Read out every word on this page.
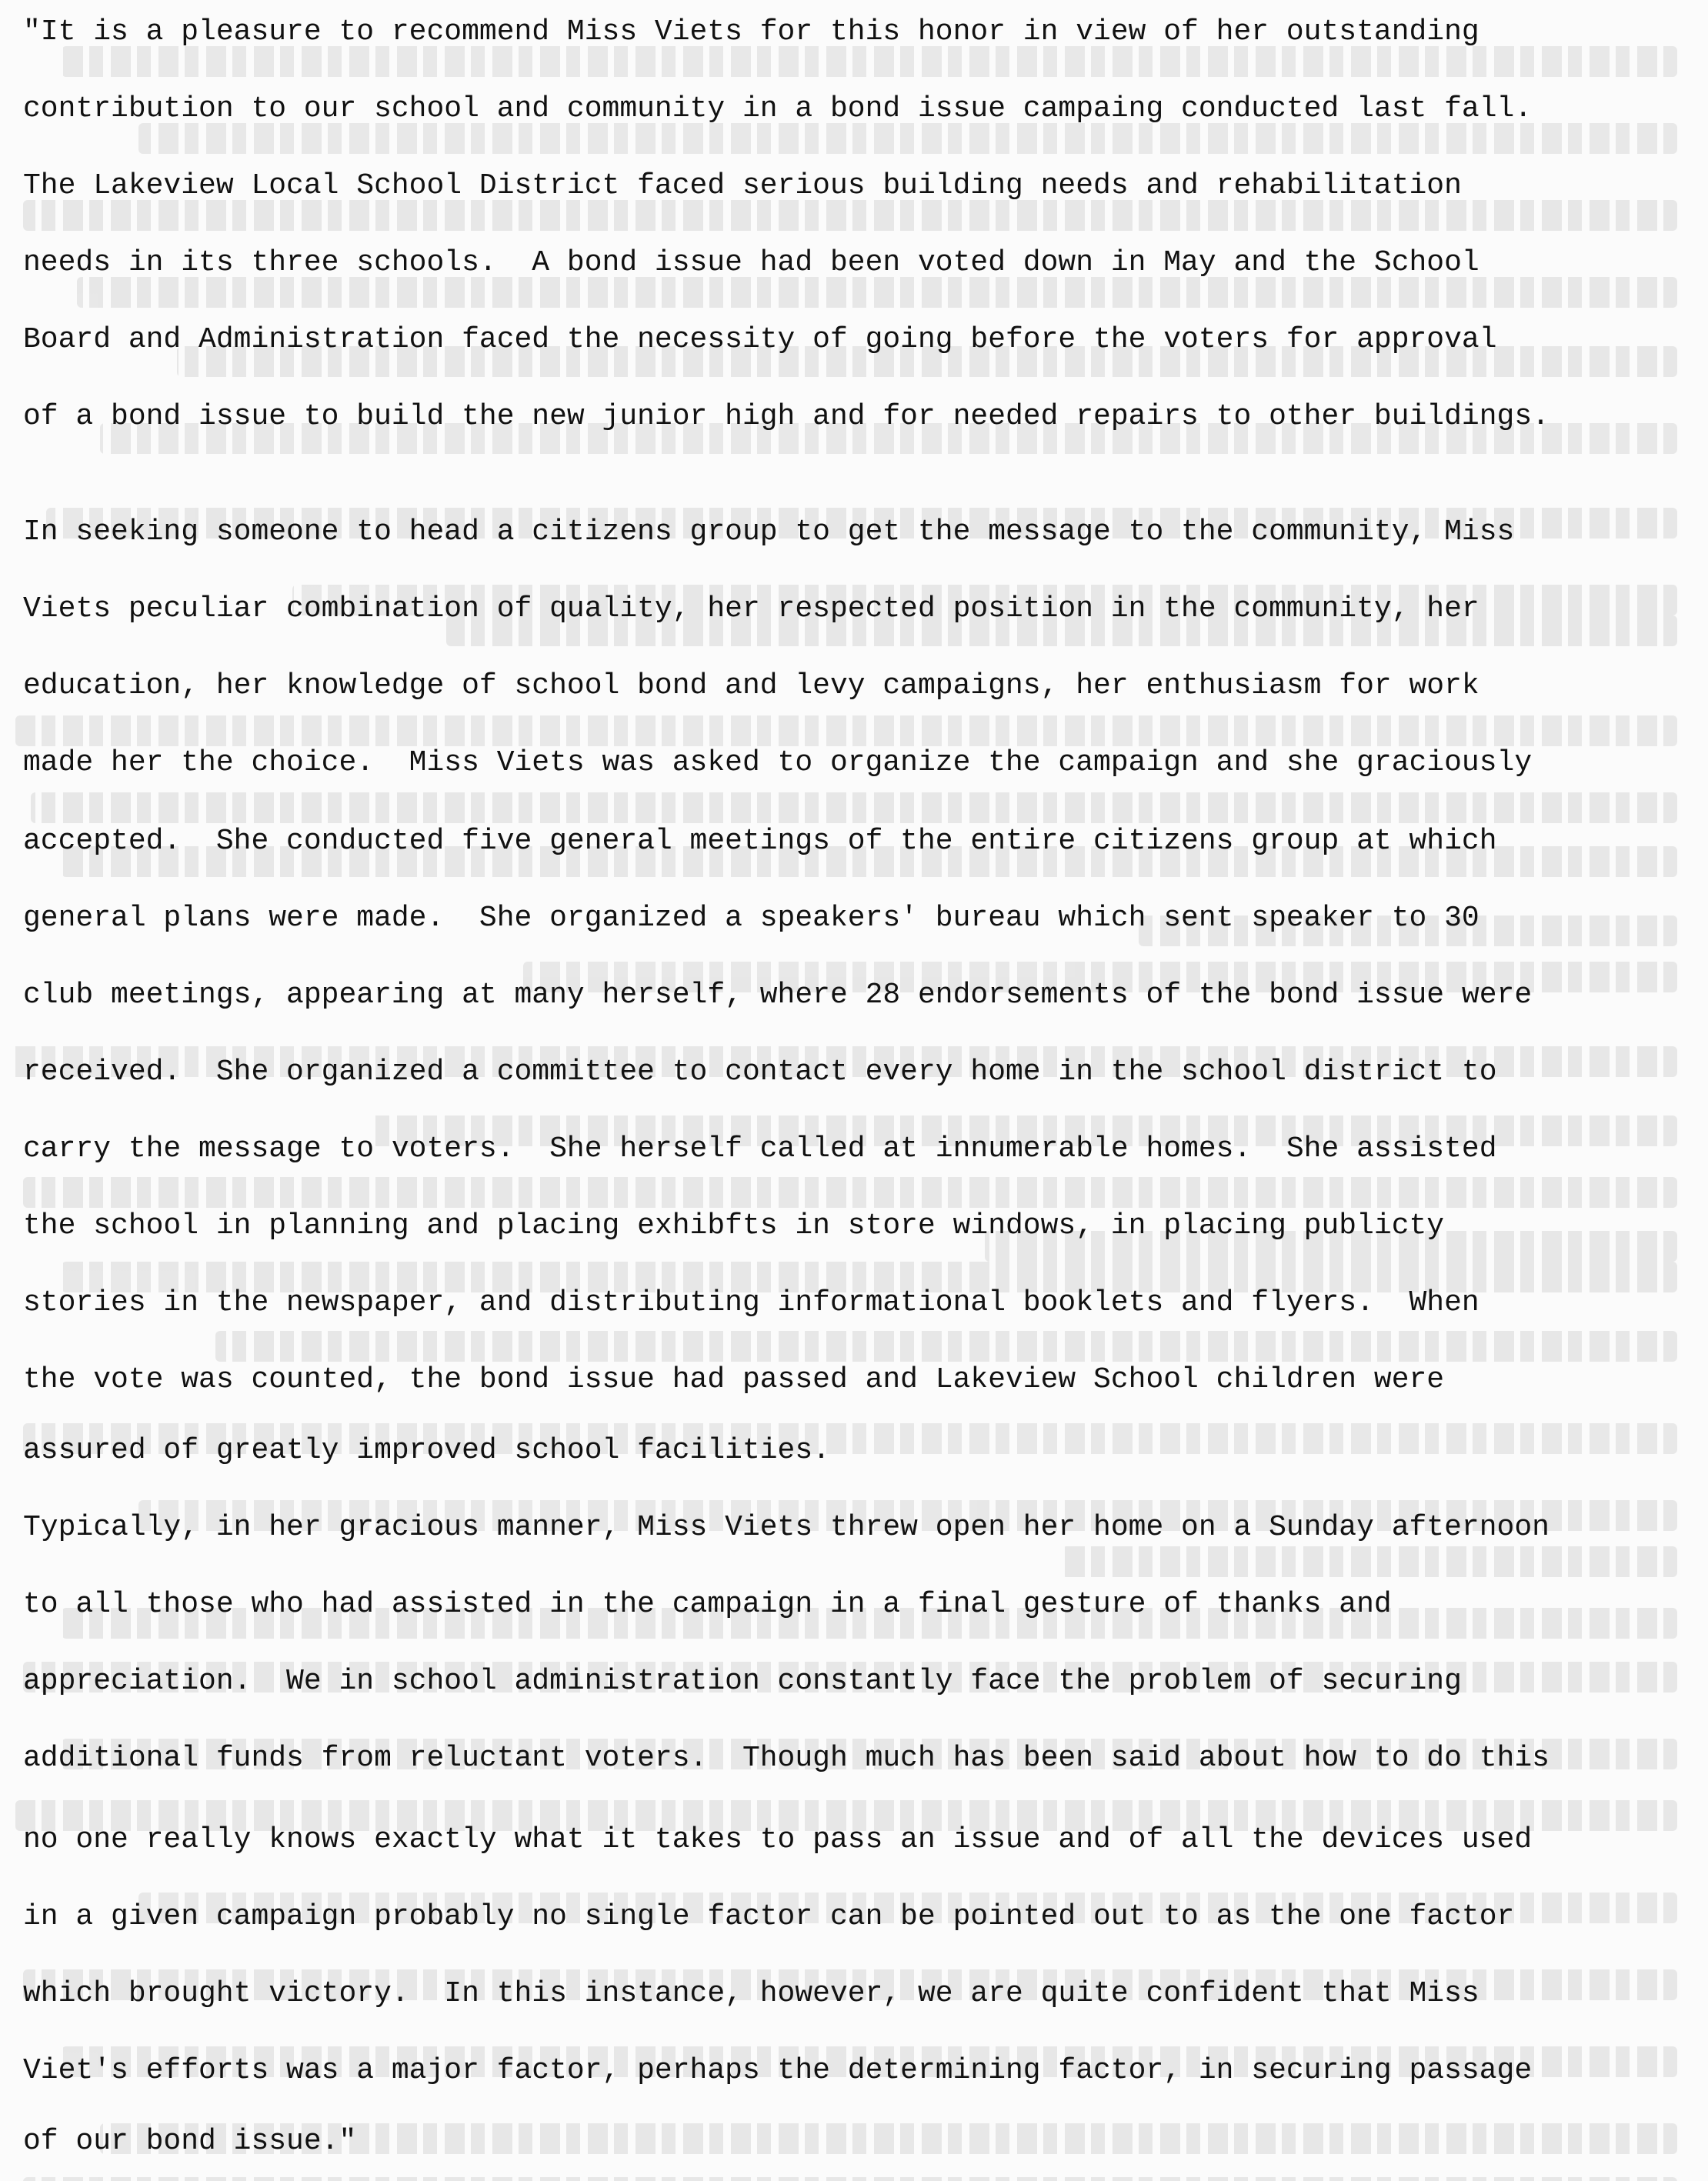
"It is a pleasure to recommend Miss Viets for this honor in view of her outstanding
contribution to our school and community in a bond issue campaing conducted last fall.
The Lakeview Local School District faced serious building needs and rehabilitation
needs in its three schools.  A bond issue had been voted down in May and the School
Board and Administration faced the necessity of going before the voters for approval
of a bond issue to build the new junior high and for needed repairs to other buildings.
In seeking someone to head a citizens group to get the message to the community, Miss
Viets peculiar combination of quality, her respected position in the community, her
education, her knowledge of school bond and levy campaigns, her enthusiasm for work
made her the choice.  Miss Viets was asked to organize the campaign and she graciously
accepted.  She conducted five general meetings of the entire citizens group at which
general plans were made.  She organized a speakers' bureau which sent speaker to 30
club meetings, appearing at many herself, where 28 endorsements of the bond issue were
received.  She organized a committee to contact every home in the school district to
carry the message to voters.  She herself called at innumerable homes.  She assisted
the school in planning and placing exhibfts in store windows, in placing publicty
stories in the newspaper, and distributing informational booklets and flyers.  When
the vote was counted, the bond issue had passed and Lakeview School children were
assured of greatly improved school facilities.
Typically, in her gracious manner, Miss Viets threw open her home on a Sunday afternoon
to all those who had assisted in the campaign in a final gesture of thanks and
appreciation.  We in school administration constantly face the problem of securing
additional funds from reluctant voters.  Though much has been said about how to do this
no one really knows exactly what it takes to pass an issue and of all the devices used
in a given campaign probably no single factor can be pointed out to as the one factor
which brought victory.  In this instance, however, we are quite confident that Miss
Viet's efforts was a major factor, perhaps the determining factor, in securing passage
of our bond issue."
